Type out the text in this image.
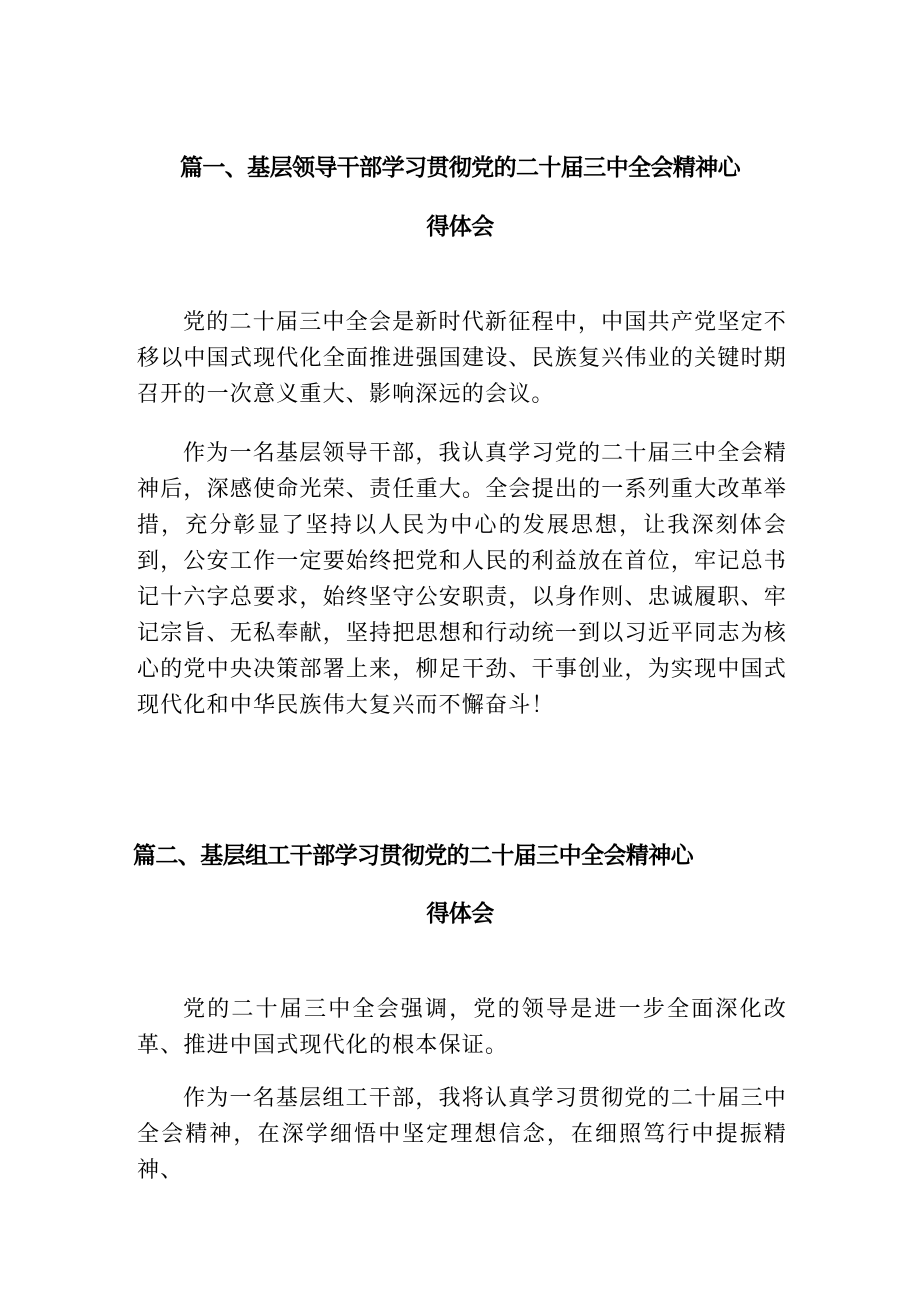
篇一、基层领导干部学习贯彻党的二十届三中全会精神心
得体会

党的二十届三中全会是新时代新征程中，中国共产党坚定不移以中国式现代化全面推进强国建设、民族复兴伟业的关键时期召开的一次意义重大、影响深远的会议。

作为一名基层领导干部，我认真学习党的二十届三中全会精神后，深感使命光荣、责任重大。全会提出的一系列重大改革举措，充分彰显了坚持以人民为中心的发展思想，让我深刻体会到，公安工作一定要始终把党和人民的利益放在首位，牢记总书记十六字总要求，始终坚守公安职责，以身作则、忠诚履职、牢记宗旨、无私奉献，坚持把思想和行动统一到以习近平同志为核心的党中央决策部署上来，柳足干劲、干事创业，为实现中国式现代化和中华民族伟大复兴而不懈奋斗！

篇二、基层组工干部学习贯彻党的二十届三中全会精神心
得体会

党的二十届三中全会强调，党的领导是进一步全面深化改革、推进中国式现代化的根本保证。

作为一名基层组工干部，我将认真学习贯彻党的二十届三中全会精神，在深学细悟中坚定理想信念，在细照笃行中提振精神、
